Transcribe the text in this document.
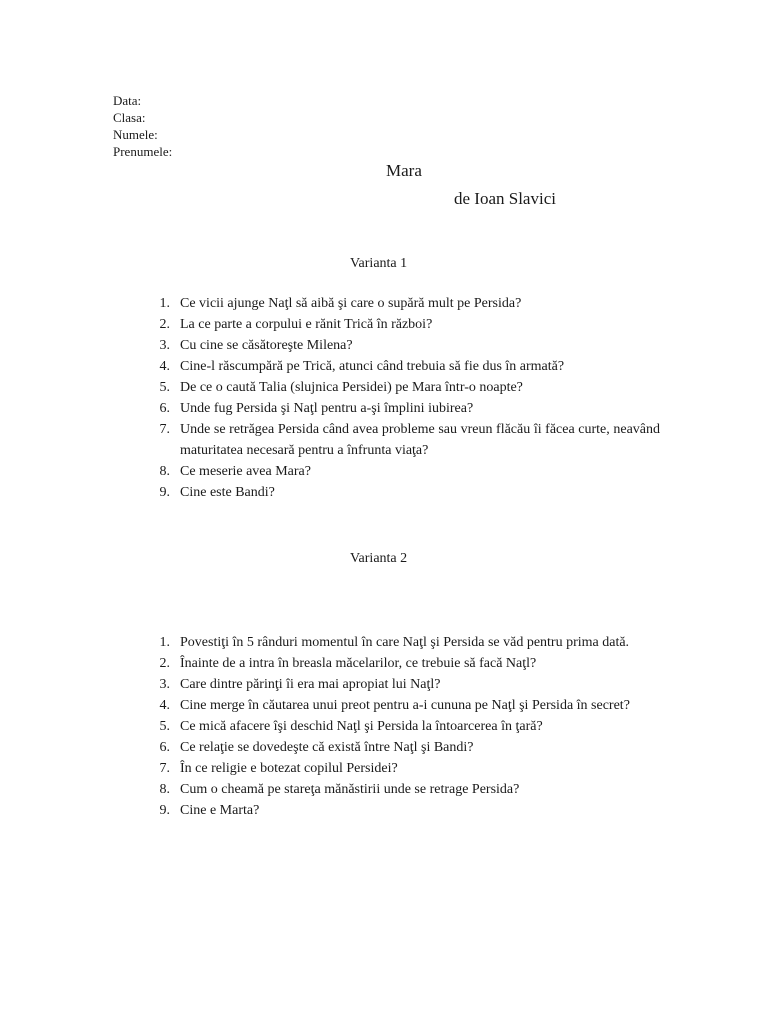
Data:
Clasa:
Numele:
Prenumele:
Mara
de Ioan Slavici
Varianta 1
1. Ce vicii ajunge Naţl să aibă şi care o supără mult pe Persida?
2. La ce parte a corpului e rănit Trică în război?
3. Cu cine se căsătoreşte Milena?
4. Cine-l răscumpără pe Trică, atunci când trebuia să fie dus în armată?
5. De ce o caută Talia (slujnica Persidei) pe Mara într-o noapte?
6. Unde fug Persida şi Naţl pentru a-şi împlini iubirea?
7. Unde se retrăgea Persida când avea probleme sau vreun flăcău îi făcea curte, neavând maturitatea necesară pentru a înfrunta viaţa?
8. Ce meserie avea Mara?
9. Cine este Bandi?
Varianta 2
1. Povestiţi în 5 rânduri momentul în care Naţl şi Persida se văd pentru prima dată.
2. Înainte de a intra în breasla măcelarilor, ce trebuie să facă Naţl?
3. Care dintre părinţi îi era mai apropiat lui Naţl?
4. Cine merge în căutarea unui preot pentru a-i cununa pe Naţl şi Persida în secret?
5. Ce mică afacere îşi deschid Naţl şi Persida la întoarcerea în ţară?
6. Ce relaţie se dovedeşte că există între Naţl şi Bandi?
7. În ce religie e botezat copilul Persidei?
8. Cum o cheamă pe stareţa mănăstirii unde se retrage Persida?
9. Cine e Marta?
